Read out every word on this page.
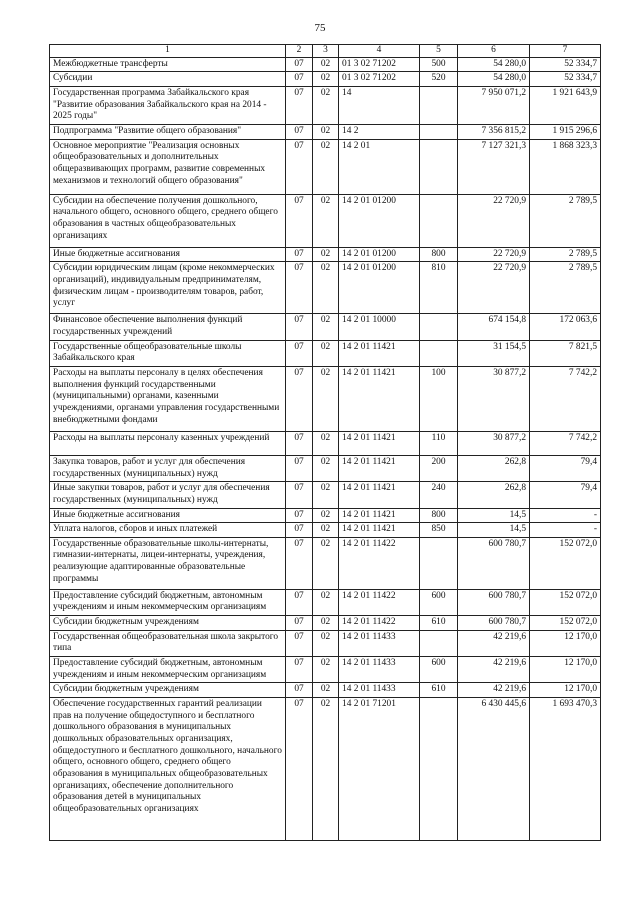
75
1	2	3	4	5	6	7
Межбюджетные трансферты	07	02	01 3 02 71202	500	54 280,0	52 334,7
Субсидии	07	02	01 3 02 71202	520	54 280,0	52 334,7
Государственная программа Забайкальского края "Развитие образования Забайкальского края на 2014 - 2025 годы"	07	02	14		7 950 071,2	1 921 643,9
Подпрограмма "Развитие общего образования"	07	02	14 2		7 356 815,2	1 915 296,6
Основное мероприятие "Реализация основных общеобразовательных и дополнительных общеразвивающих программ, развитие современных механизмов и технологий общего образования"	07	02	14 2 01		7 127 321,3	1 868 323,3
Субсидии на обеспечение получения дошкольного, начального общего, основного общего, среднего общего образования в частных общеобразовательных организациях	07	02	14 2 01 01200		22 720,9	2 789,5
Иные бюджетные ассигнования	07	02	14 2 01 01200	800	22 720,9	2 789,5
Субсидии юридическим лицам (кроме некоммерческих организаций), индивидуальным предпринимателям, физическим лицам - производителям товаров, работ, услуг	07	02	14 2 01 01200	810	22 720,9	2 789,5
Финансовое обеспечение выполнения функций государственных учреждений	07	02	14 2 01 10000		674 154,8	172 063,6
Государственные общеобразовательные школы Забайкальского края	07	02	14 2 01 11421		31 154,5	7 821,5
Расходы на выплаты персоналу в целях обеспечения выполнения функций государственными (муниципальными) органами, казенными учреждениями, органами управления государственными внебюджетными фондами	07	02	14 2 01 11421	100	30 877,2	7 742,2
Расходы на выплаты персоналу казенных учреждений	07	02	14 2 01 11421	110	30 877,2	7 742,2
Закупка товаров, работ и услуг для обеспечения государственных (муниципальных) нужд	07	02	14 2 01 11421	200	262,8	79,4
Иные закупки товаров, работ и услуг для обеспечения государственных (муниципальных) нужд	07	02	14 2 01 11421	240	262,8	79,4
Иные бюджетные ассигнования	07	02	14 2 01 11421	800	14,5	-
Уплата налогов, сборов и иных платежей	07	02	14 2 01 11421	850	14,5	-
Государственные образовательные школы-интернаты, гимназии-интернаты, лицеи-интернаты, учреждения, реализующие адаптированные образовательные программы	07	02	14 2 01 11422		600 780,7	152 072,0
Предоставление субсидий бюджетным, автономным учреждениям и иным некоммерческим организациям	07	02	14 2 01 11422	600	600 780,7	152 072,0
Субсидии бюджетным учреждениям	07	02	14 2 01 11422	610	600 780,7	152 072,0
Государственная общеобразовательная школа закрытого типа	07	02	14 2 01 11433		42 219,6	12 170,0
Предоставление субсидий бюджетным, автономным учреждениям и иным некоммерческим организациям	07	02	14 2 01 11433	600	42 219,6	12 170,0
Субсидии бюджетным учреждениям	07	02	14 2 01 11433	610	42 219,6	12 170,0
Обеспечение государственных гарантий реализации прав на получение общедоступного и бесплатного дошкольного образования в муниципальных дошкольных образовательных организациях, общедоступного и бесплатного дошкольного, начального общего, основного общего, среднего общего образования в муниципальных общеобразовательных организациях, обеспечение дополнительного образования детей в муниципальных общеобразовательных организациях	07	02	14 2 01 71201		6 430 445,6	1 693 470,3
